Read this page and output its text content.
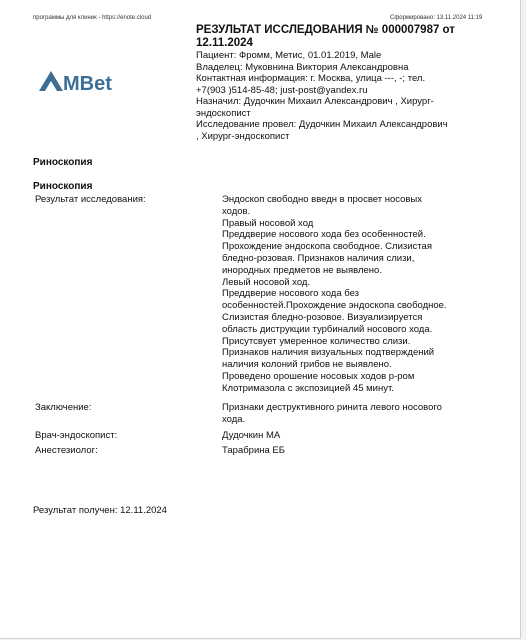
программы для клиник - https://enote.cloud	Сформировано: 13.11.2024 11:19
MBet
РЕЗУЛЬТАТ ИССЛЕДОВАНИЯ № 000007987 от
12.11.2024
Пациент: Фромм, Метис, 01.01.2019, Male
Владелец: Муковнина Виктория Александровна
Контактная информация: г. Москва, улица ---, -; тел.
+7(903 )514-85-48; just-post@yandex.ru
Назначил: Дудочкин Михаил Александрович , Хирург-
эндоскопист
Исследование провел: Дудочкин Михаил Александрович
, Хирург-эндоскопист
Риноскопия
Риноскопия
Результат исследования:	Эндоскоп свободно введн в просвет носовых
ходов.
Правый носовой ход
Преддверие носового хода без особенностей.
Прохождение эндоскопа свободное. Слизистая
бледно-розовая. Признаков наличия слизи,
инородных предметов не выявлено.
Левый носовой ход.
Преддверие носового хода без
особенностей.Прохождение эндоскопа свободное.
Слизистая бледно-розовое. Визуализируется
область диструкции турбиналий носового хода.
Присутсвует умеренное количество слизи.
Признаков наличия визуальных подтверждений
наличия колоний грибов не выявлено.
Проведено орошение носовых ходов р-ром
Клотримазола с экспозицией 45 минут.
Заключение:	Признаки деструктивного ринита левого носового
хода.
Врач-эндоскопист:	Дудочкин МА
Анестезиолог:	Тарабрина ЕБ
Результат получен: 12.11.2024
